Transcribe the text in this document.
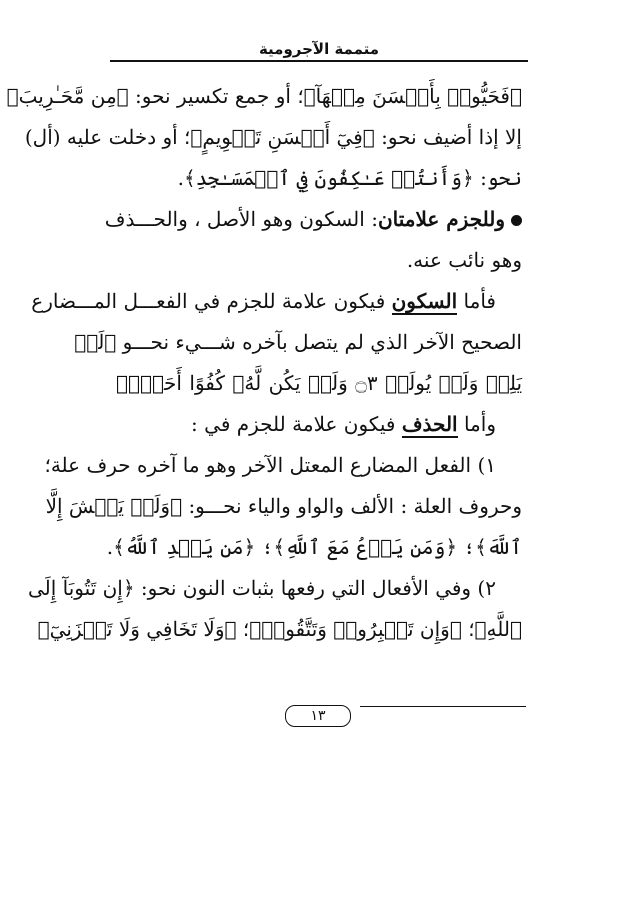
متممة الآجرومية
﴿فَحَيُّوا۟ بِأَحۡسَنَ مِنۡهَآ﴾؛ أو جمع تكسير نحو: ﴿مِن مَّحَـٰرِيبَ﴾
إلا إذا أضيف نحو: ﴿فِيٓ أَحۡسَنِ تَقۡوِيمٍ﴾؛ أو دخلت عليه (أل)
نحو: ﴿وَأَنتُمۡ عَـٰكِفُونَ فِي ٱلۡمَسَـٰجِدِ﴾.
وللجزم علامتان: السكون وهو الأصل ، والحـــذف
وهو نائب عنه.
فأما السكون فيكون علامة للجزم في الفعـــل المـــضارع
الصحيح الآخر الذي لم يتصل بآخره شـــيء نحـــو ﴿لَمۡ
يَلِدۡ وَلَمۡ يُولَدۡ ۝٣ وَلَمۡ يَكُن لَّهُۥ كُفُوًا أَحَدُۢ﴾
وأما الحذف فيكون علامة للجزم في :
١) الفعل المضارع المعتل الآخر وهو ما آخره حرف علة؛
وحروف العلة : الألف والواو والياء نحـــو: ﴿وَلَمۡ يَخۡشَ إِلَّا
ٱللَّهَ﴾؛ ﴿وَمَن يَدۡعُ مَعَ ٱللَّهِ﴾؛ ﴿مَن يَهۡدِ ٱللَّهُ﴾.
٢) وفي الأفعال التي رفعها بثبات النون نحو: ﴿إِن تَتُوبَآ إِلَى
ٱللَّهِ﴾؛ ﴿وَإِن تَصۡبِرُوا۟ وَتَتَّقُوا۟﴾؛ ﴿وَلَا تَخَافِي وَلَا تَحۡزَنِيٓ﴾
١٣
